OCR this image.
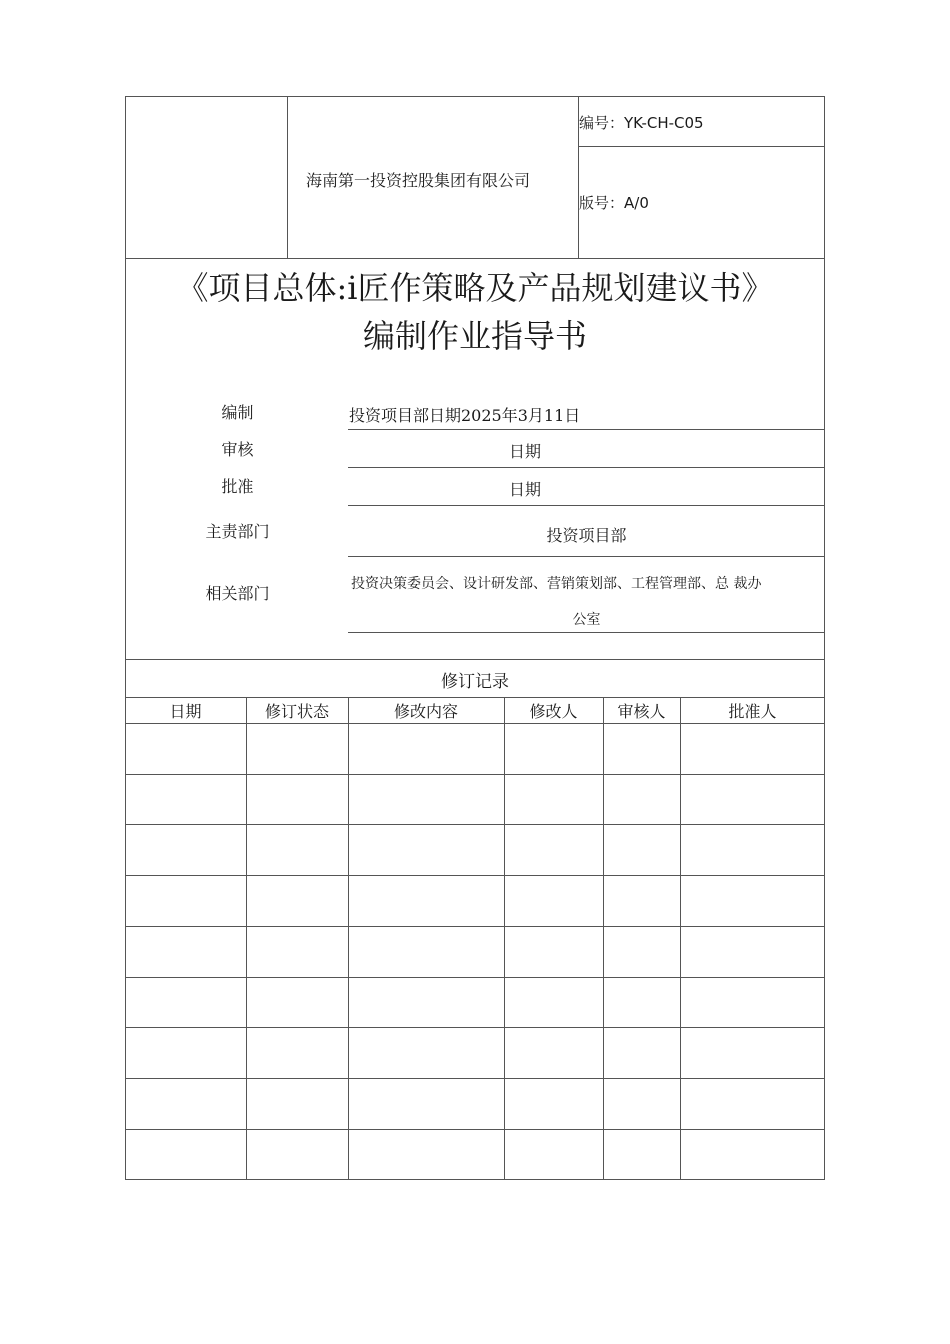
海南第一投资控股集团有限公司
编号：YK-CH-C05
版号：A/0
《项目总体:i匠作策略及产品规划建议书》
编制作业指导书
编制	投资项目部日期2025年3月11日
审核	日期
批准	日期
主责部门	投资项目部
相关部门	投资决策委员会、设计研发部、营销策划部、工程管理部、总 裁办
公室
修订记录
日期	修订状态	修改内容	修改人	审核人	批准人
